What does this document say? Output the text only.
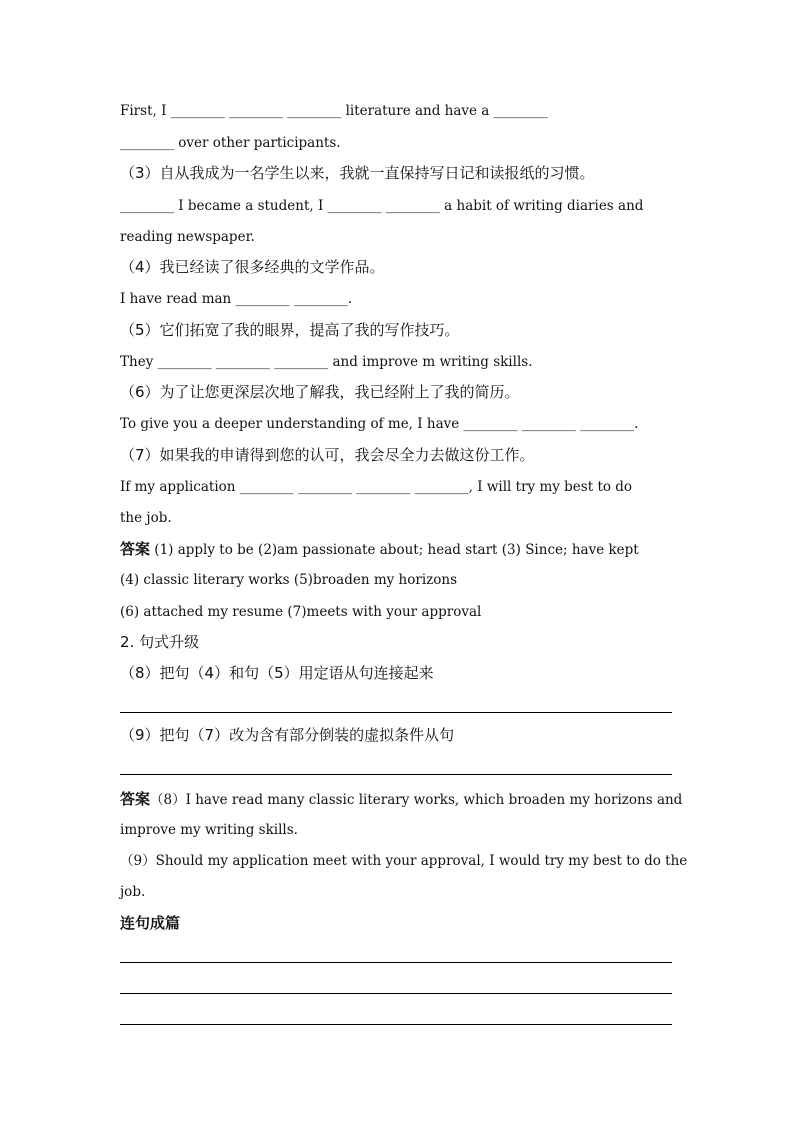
First, I ________ ________ ________ literature and have a ________
________ over other participants.
（3）自从我成为一名学生以来，我就一直保持写日记和读报纸的习惯。
________ I became a student, I ________ ________ a habit of writing diaries and
reading newspaper.
（4）我已经读了很多经典的文学作品。
I have read man ________ ________.
（5）它们拓宽了我的眼界，提高了我的写作技巧。
They ________ ________ ________ and improve m writing skills.
（6）为了让您更深层次地了解我，我已经附上了我的简历。
To give you a deeper understanding of me, I have ________ ________ ________.
（7）如果我的申请得到您的认可，我会尽全力去做这份工作。
If my application ________ ________ ________ ________, I will try my best to do
the job.
答案 (1) apply to be (2)am passionate about; head start (3) Since; have kept
(4) classic literary works (5)broaden my horizons
(6) attached my resume (7)meets with your approval
2. 句式升级
（8）把句（4）和句（5）用定语从句连接起来
（9）把句（7）改为含有部分倒装的虚拟条件从句
答案（8）I have read many classic literary works, which broaden my horizons and
improve my writing skills.
（9）Should my application meet with your approval, I would try my best to do the
job.
连句成篇
